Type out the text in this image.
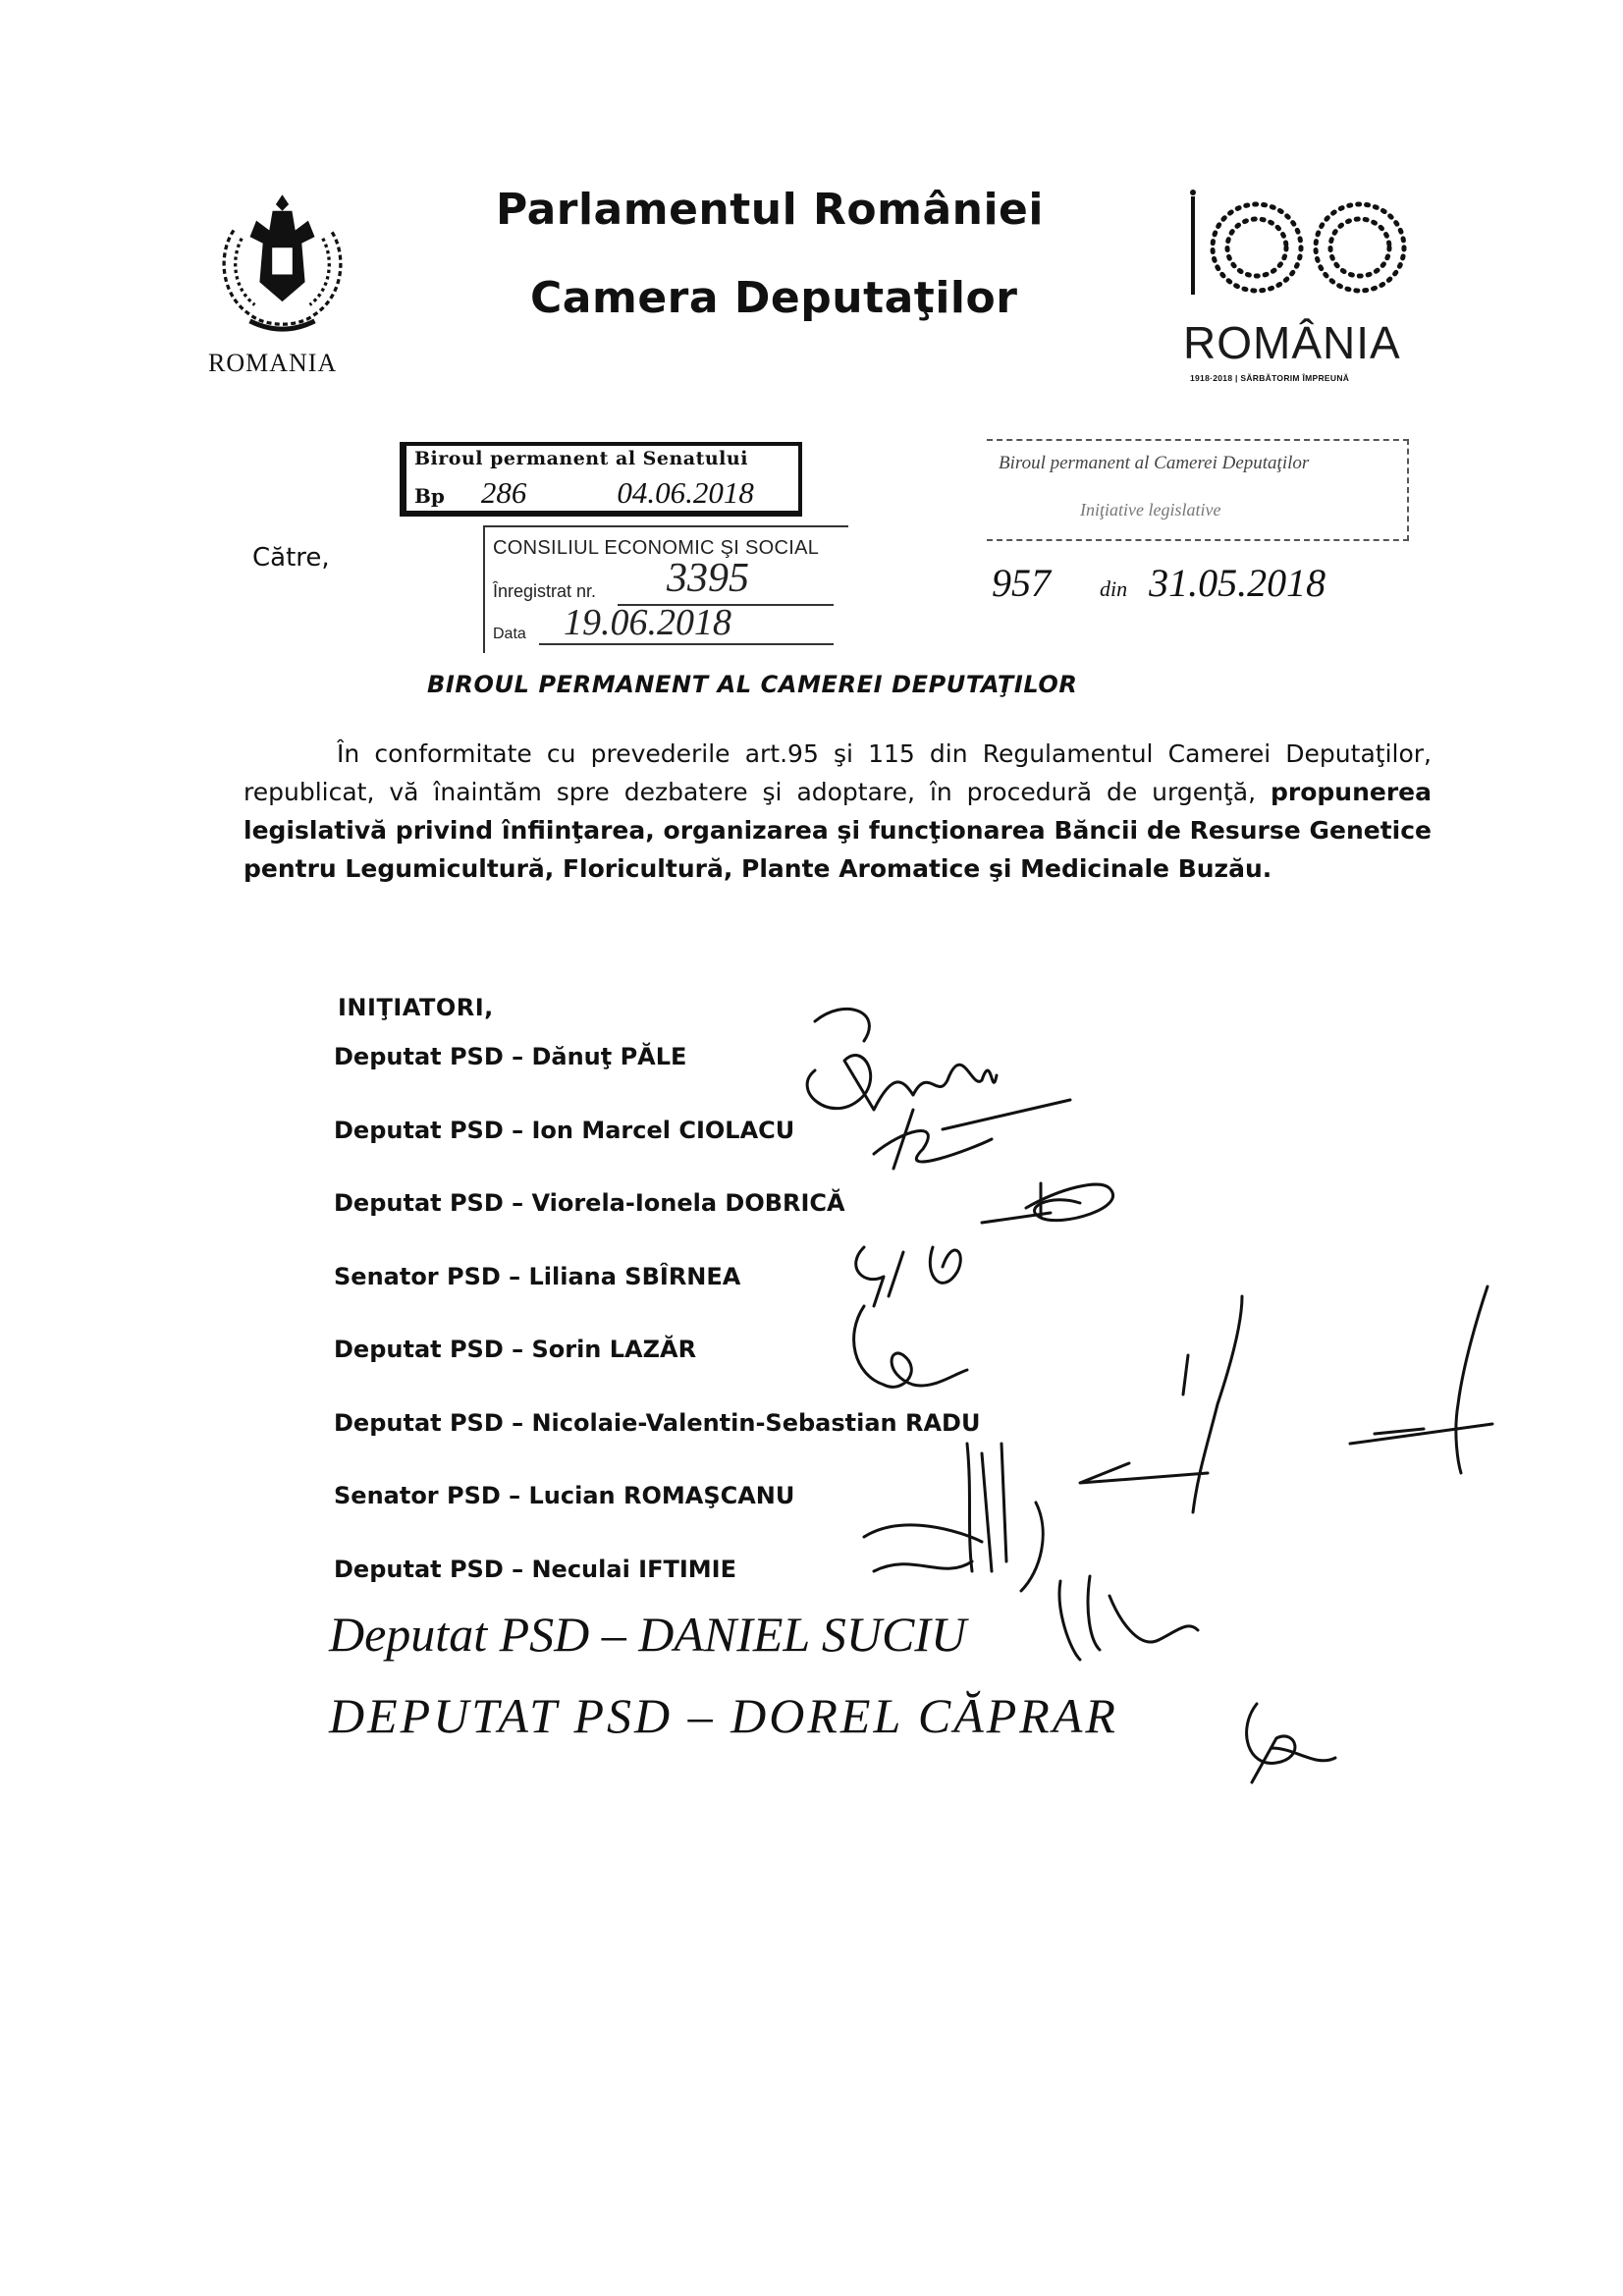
ROMANIA
Parlamentul României
Camera Deputaţilor
ROMÂNIA
1918·2018 | SĂRBĂTORIM ÎMPREUNĂ
Biroul permanent al Senatului
Bp 286	04.06.2018
Biroul permanent al Camerei Deputaţilor
Iniţiative legislative
957 din 31.05.2018
Către,	CONSILIUL ECONOMIC ŞI SOCIAL
Înregistrat nr. 3395
Data 19.06.2018
BIROUL PERMANENT AL CAMEREI DEPUTAŢILOR
În conformitate cu prevederile art.95 şi 115 din Regulamentul Camerei Deputaţilor, republicat, vă înaintăm spre dezbatere şi adoptare, în procedură de urgenţă, propunerea legislativă privind înfiinţarea, organizarea şi funcţionarea Băncii de Resurse Genetice pentru Legumicultură, Floricultură, Plante Aromatice şi Medicinale Buzău.
INIŢIATORI,
Deputat PSD – Dănuţ PĂLE
Deputat PSD – Ion Marcel CIOLACU
Deputat PSD – Viorela-Ionela DOBRICĂ
Senator PSD – Liliana SBÎRNEA
Deputat PSD – Sorin LAZĂR
Deputat PSD – Nicolaie-Valentin-Sebastian RADU
Senator PSD – Lucian ROMAŞCANU
Deputat PSD – Neculai IFTIMIE
Deputat PSD – DANIEL SUCIU
DEPUTAT PSD – DOREL CĂPRAR
